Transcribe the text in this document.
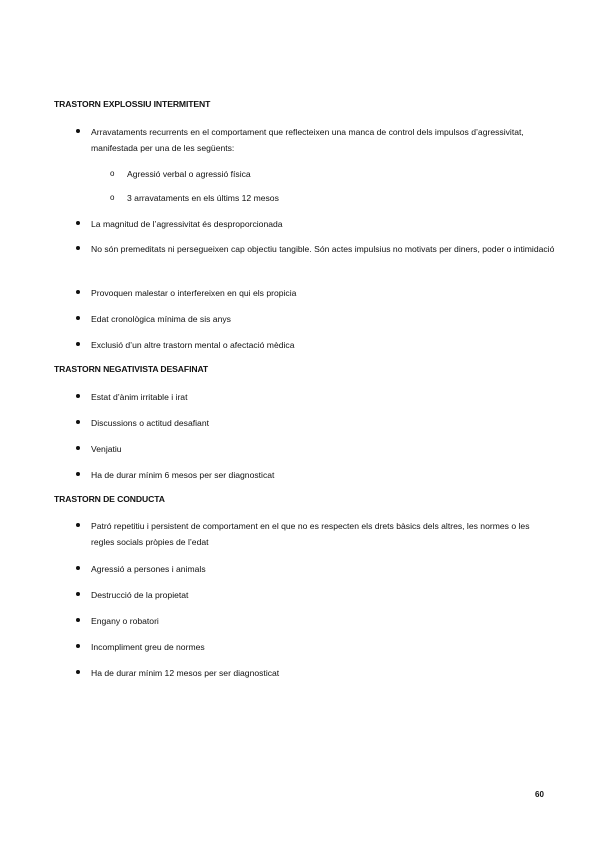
TRASTORN EXPLOSSIU INTERMITENT
Arravataments recurrents en el comportament que reflecteixen una manca de control dels impulsos d’agressivitat, manifestada per una de les següents:
o Agressió verbal o agressió física
o 3 arravataments en els últims 12 mesos
La magnitud de l’agressivitat és desproporcionada
No són premeditats ni persegueixen cap objectiu tangible. Són actes impulsius no motivats per diners, poder o intimidació
Provoquen malestar o interfereixen en qui els propicia
Edat cronològica mínima de sis anys
Exclusió d’un altre trastorn mental o afectació mèdica
TRASTORN NEGATIVISTA DESAFINAT
Estat d’ànim irritable i irat
Discussions o actitud desafiant
Venjatiu
Ha de durar mínim 6 mesos per ser diagnosticat
TRASTORN DE CONDUCTA
Patró repetitiu i persistent de comportament en el que no es respecten els drets bàsics dels altres, les normes o les regles socials pròpies de l’edat
Agressió a persones i animals
Destrucció de la propietat
Engany o robatori
Incompliment greu de normes
Ha de durar mínim 12 mesos per ser diagnosticat
60
